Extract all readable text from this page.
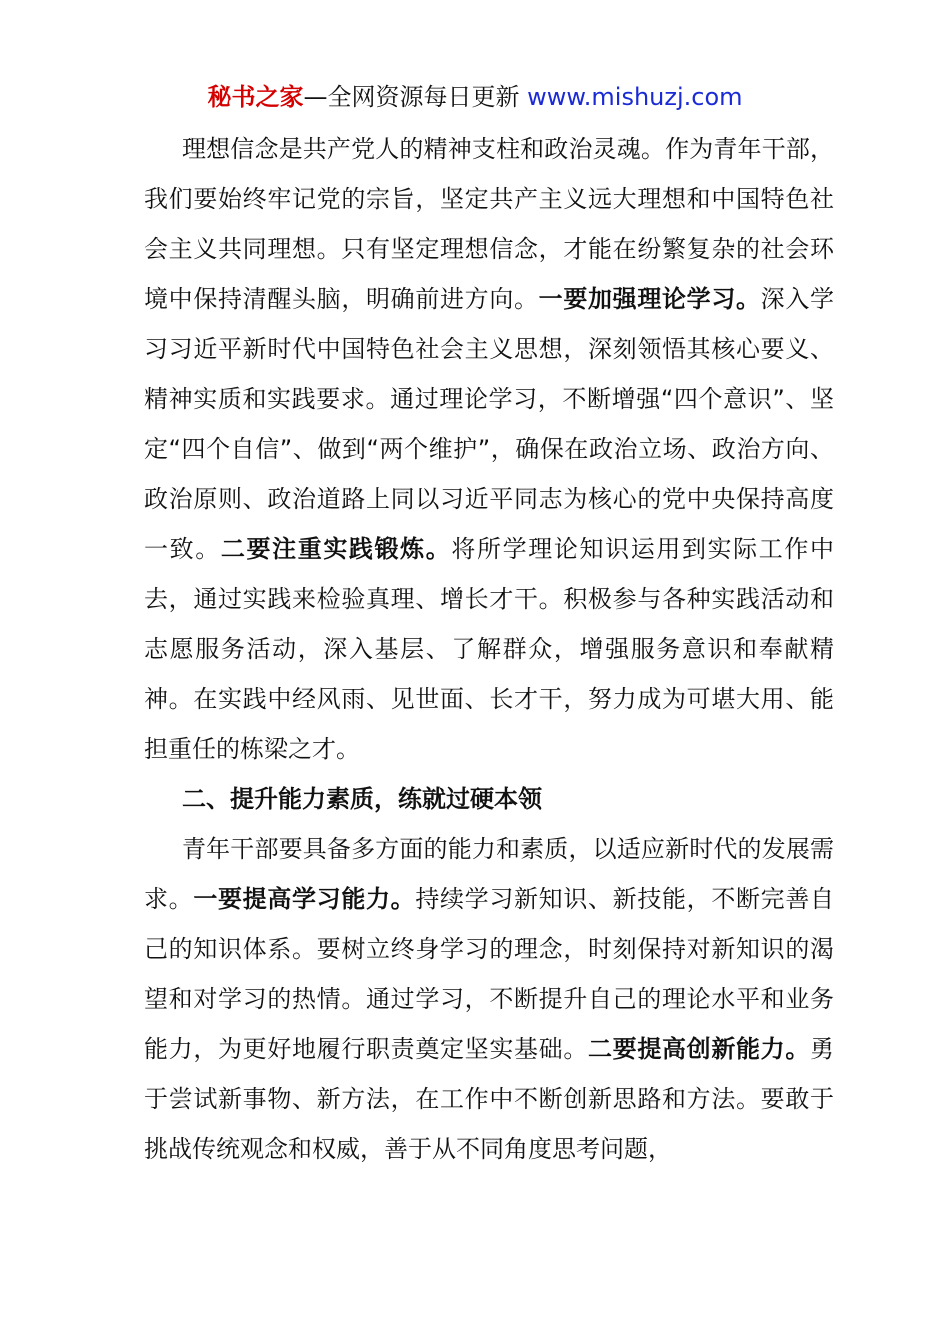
秘书之家—全网资源每日更新 www.mishuzj.com

理想信念是共产党人的精神支柱和政治灵魂。作为青年干部，我们要始终牢记党的宗旨，坚定共产主义远大理想和中国特色社会主义共同理想。只有坚定理想信念，才能在纷繁复杂的社会环境中保持清醒头脑，明确前进方向。一要加强理论学习。深入学习习近平新时代中国特色社会主义思想，深刻领悟其核心要义、精神实质和实践要求。通过理论学习，不断增强“四个意识”、坚定“四个自信”、做到“两个维护”，确保在政治立场、政治方向、政治原则、政治道路上同以习近平同志为核心的党中央保持高度一致。二要注重实践锻炼。将所学理论知识运用到实际工作中去，通过实践来检验真理、增长才干。积极参与各种实践活动和志愿服务活动，深入基层、了解群众，增强服务意识和奉献精神。在实践中经风雨、见世面、长才干，努力成为可堪大用、能担重任的栋梁之才。

二、提升能力素质，练就过硬本领

青年干部要具备多方面的能力和素质，以适应新时代的发展需求。一要提高学习能力。持续学习新知识、新技能，不断完善自己的知识体系。要树立终身学习的理念，时刻保持对新知识的渴望和对学习的热情。通过学习，不断提升自己的理论水平和业务能力，为更好地履行职责奠定坚实基础。二要提高创新能力。勇于尝试新事物、新方法，在工作中不断创新思路和方法。要敢于挑战传统观念和权威，善于从不同角度思考问题，
